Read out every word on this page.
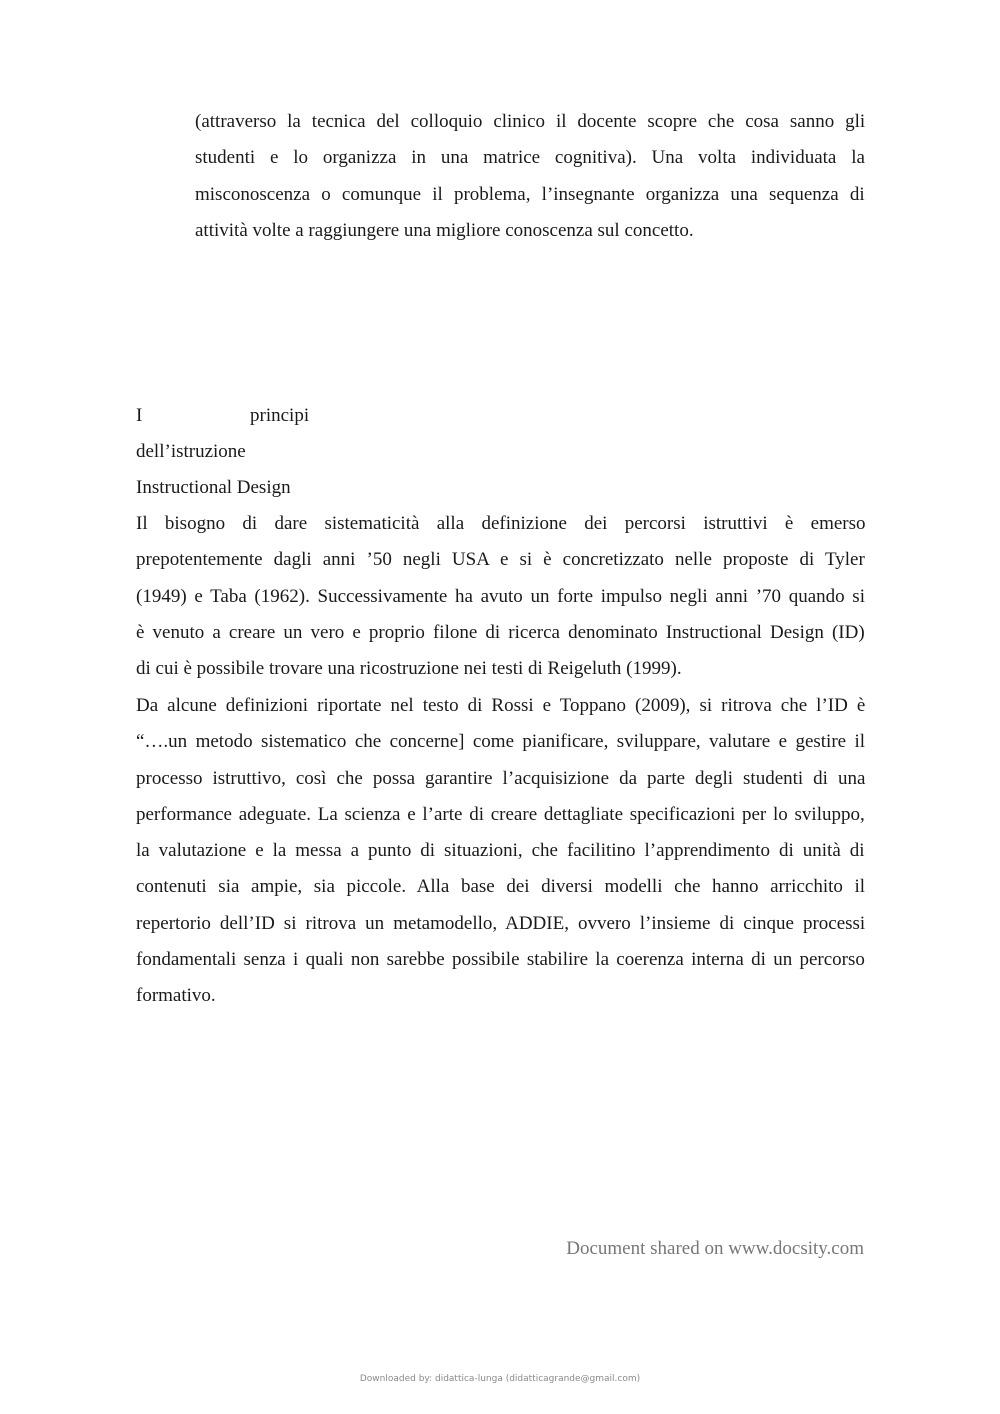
(attraverso la tecnica del colloquio clinico il docente scopre che cosa sanno gli
studenti e lo organizza in una matrice cognitiva). Una volta individuata la
misconoscenza o comunque il problema, l’insegnante organizza una sequenza di
attività volte a raggiungere una migliore conoscenza sul concetto.
I	principi
dell’istruzione
Instructional Design
Il bisogno di dare sistematicità alla definizione dei percorsi istruttivi è emerso
prepotentemente dagli anni ’50 negli USA e si è concretizzato nelle proposte di Tyler
(1949) e Taba (1962). Successivamente ha avuto un forte impulso negli anni ’70 quando si
è venuto a creare un vero e proprio filone di ricerca denominato Instructional Design (ID)
di cui è possibile trovare una ricostruzione nei testi di Reigeluth (1999).
Da alcune definizioni riportate nel testo di Rossi e Toppano (2009), si ritrova che l’ID è
“….un metodo sistematico che concerne] come pianificare, sviluppare, valutare e gestire il
processo istruttivo, così che possa garantire l’acquisizione da parte degli studenti di una
performance adeguate. La scienza e l’arte di creare dettagliate specificazioni per lo sviluppo,
la valutazione e la messa a punto di situazioni, che facilitino l’apprendimento di unità di
contenuti sia ampie, sia piccole. Alla base dei diversi modelli che hanno arricchito il
repertorio dell’ID si ritrova un metamodello, ADDIE, ovvero l’insieme di cinque processi
fondamentali senza i quali non sarebbe possibile stabilire la coerenza interna di un percorso
formativo.
Document shared on www.docsity.com
Downloaded by: didattica-lunga (didatticagrande@gmail.com)
